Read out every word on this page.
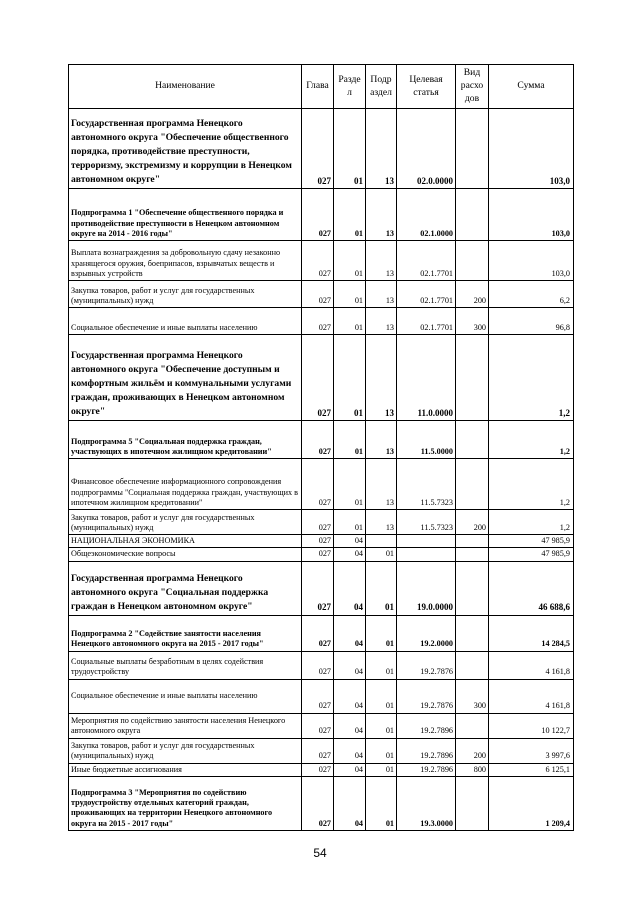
Наименование	Глава	Разде л	Подр аздел	Целевая статья	Вид расхо дов	Сумма
Государственная программа Ненецкого автономного округа "Обеспечение общественного порядка, противодействие преступности, терроризму, экстремизму и коррупции в Ненецком автономном округе"	027	01	13	02.0.0000		103,0
Подпрограмма 1 "Обеспечение общественного порядка и противодействие преступности в Ненецком автономном округе на 2014 - 2016 годы"	027	01	13	02.1.0000		103,0
Выплата вознаграждения за добровольную сдачу незаконно хранящегося оружия, боеприпасов, взрывчатых веществ и взрывных устройств	027	01	13	02.1.7701		103,0
Закупка товаров, работ и услуг для государственных (муниципальных) нужд	027	01	13	02.1.7701	200	6,2
Социальное обеспечение и иные выплаты населению	027	01	13	02.1.7701	300	96,8
Государственная программа Ненецкого автономного округа "Обеспечение доступным и комфортным жильём и коммунальными услугами граждан, проживающих в Ненецком автономном округе"	027	01	13	11.0.0000		1,2
Подпрограмма 5 "Социальная поддержка граждан, участвующих в ипотечном жилищном кредитовании"	027	01	13	11.5.0000		1,2
Финансовое обеспечение информационного сопровождения подпрограммы "Социальная поддержка граждан, участвующих в ипотечном жилищном кредитовании"	027	01	13	11.5.7323		1,2
Закупка товаров, работ и услуг для государственных (муниципальных) нужд	027	01	13	11.5.7323	200	1,2
НАЦИОНАЛЬНАЯ ЭКОНОМИКА	027	04				47 985,9
Общеэкономические вопросы	027	04	01			47 985,9
Государственная программа Ненецкого автономного округа "Социальная поддержка граждан в Ненецком автономном округе"	027	04	01	19.0.0000		46 688,6
Подпрограмма 2 "Содействие занятости населения Ненецкого автономного округа на 2015 - 2017 годы"	027	04	01	19.2.0000		14 284,5
Социальные выплаты безработным в целях содействия трудоустройству	027	04	01	19.2.7876		4 161,8
Социальное обеспечение и иные выплаты населению	027	04	01	19.2.7876	300	4 161,8
Мероприятия по содействию занятости населения Ненецкого автономного округа	027	04	01	19.2.7896		10 122,7
Закупка товаров, работ и услуг для государственных (муниципальных) нужд	027	04	01	19.2.7896	200	3 997,6
Иные бюджетные ассигнования	027	04	01	19.2.7896	800	6 125,1
Подпрограмма 3 "Мероприятия по содействию трудоустройству отдельных категорий граждан, проживающих на территории Ненецкого автономного округа на 2015 - 2017 годы"	027	04	01	19.3.0000		1 209,4
54
